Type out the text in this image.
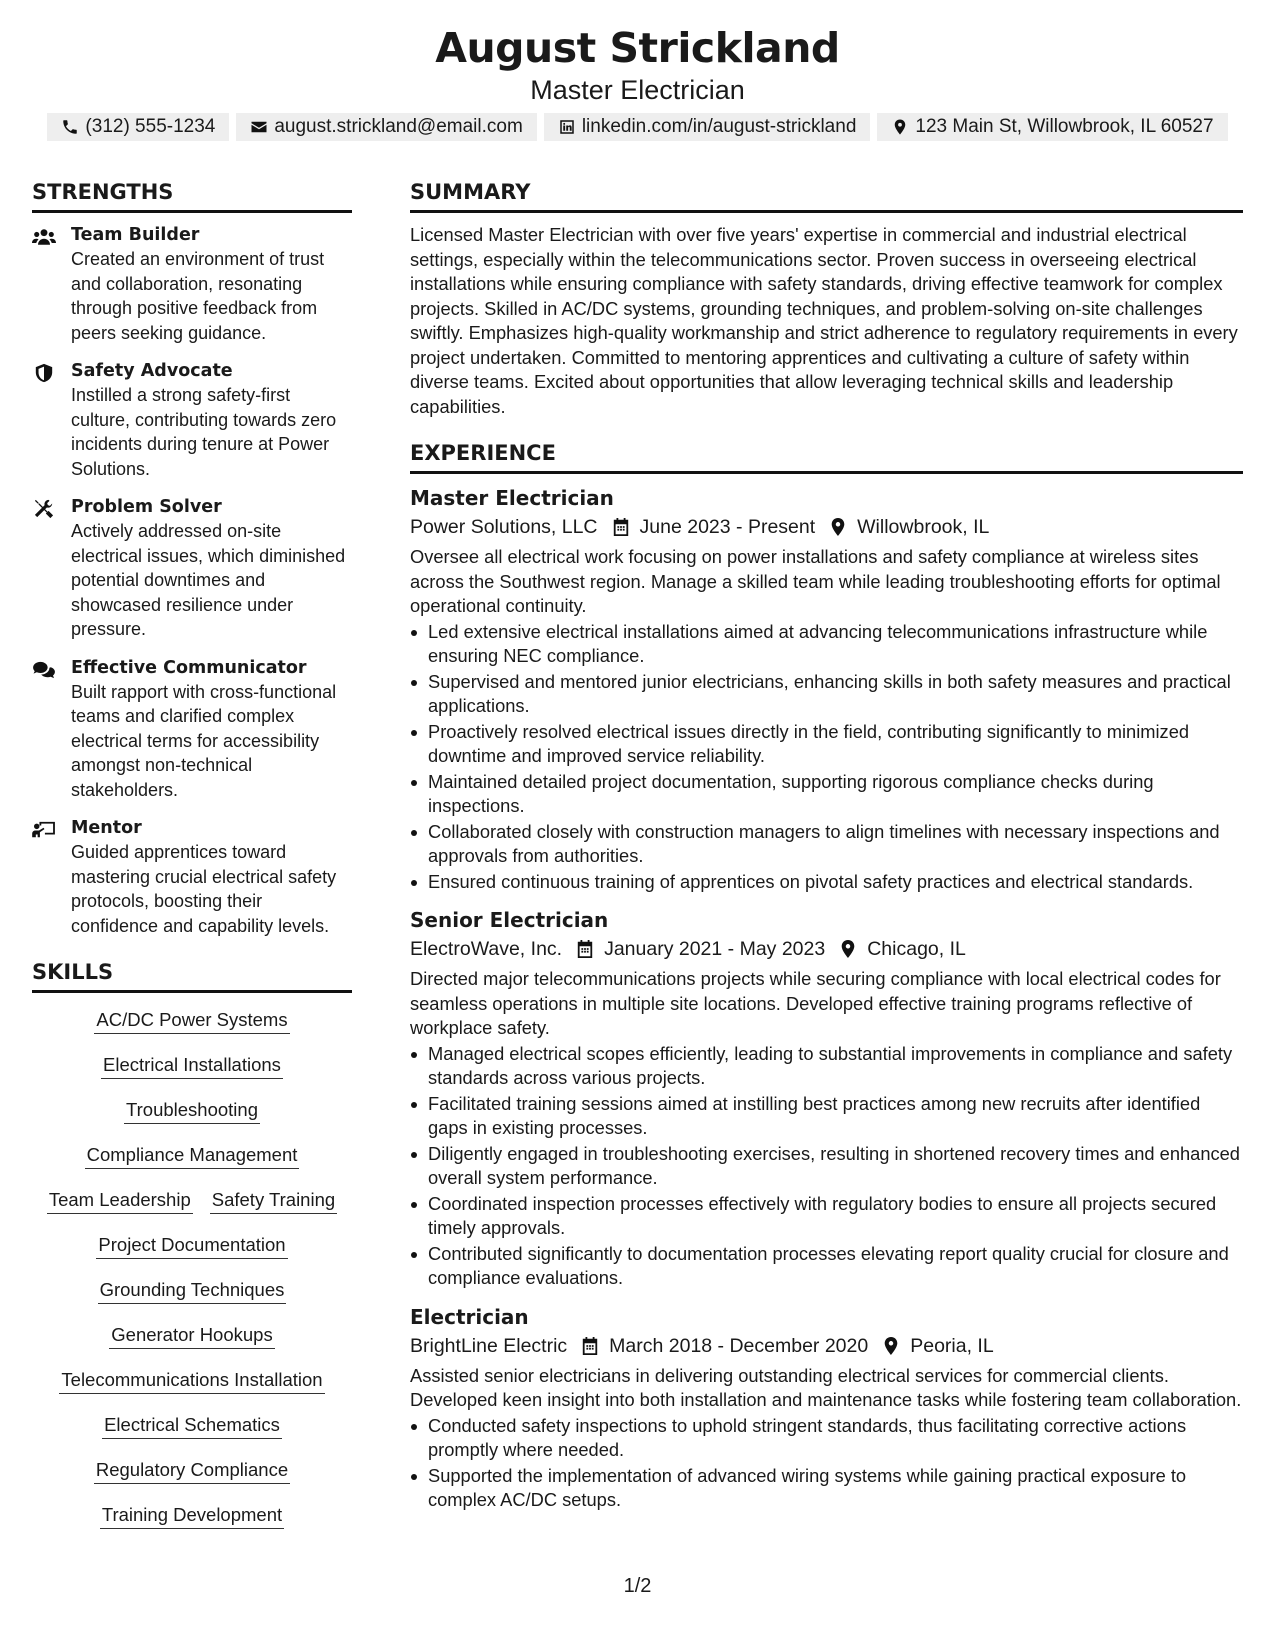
August Strickland
Master Electrician
(312) 555-1234	august.strickland@email.com	linkedin.com/in/august-strickland	123 Main St, Willowbrook, IL 60527
STRENGTHS
Team Builder
Created an environment of trust and collaboration, resonating through positive feedback from peers seeking guidance.
Safety Advocate
Instilled a strong safety-first culture, contributing towards zero incidents during tenure at Power Solutions.
Problem Solver
Actively addressed on-site electrical issues, which diminished potential downtimes and showcased resilience under pressure.
Effective Communicator
Built rapport with cross-functional teams and clarified complex electrical terms for accessibility amongst non-technical stakeholders.
Mentor
Guided apprentices toward mastering crucial electrical safety protocols, boosting their confidence and capability levels.
SKILLS
AC/DC Power Systems
Electrical Installations
Troubleshooting
Compliance Management
Team Leadership Safety Training
Project Documentation
Grounding Techniques
Generator Hookups
Telecommunications Installation
Electrical Schematics
Regulatory Compliance
Training Development
SUMMARY

Licensed Master Electrician with over five years' expertise in commercial and industrial electrical settings, especially within the telecommunications sector. Proven success in overseeing electrical installations while ensuring compliance with safety standards, driving effective teamwork for complex projects. Skilled in AC/DC systems, grounding techniques, and problem-solving on-site challenges swiftly. Emphasizes high-quality workmanship and strict adherence to regulatory requirements in every project undertaken. Committed to mentoring apprentices and cultivating a culture of safety within diverse teams. Excited about opportunities that allow leveraging technical skills and leadership capabilities.

EXPERIENCE
Master Electrician
Power Solutions, LLC June 2023 - Present Willowbrook, IL
Oversee all electrical work focusing on power installations and safety compliance at wireless sites across the Southwest region. Manage a skilled team while leading troubleshooting efforts for optimal operational continuity.
Led extensive electrical installations aimed at advancing telecommunications infrastructure while ensuring NEC compliance.
Supervised and mentored junior electricians, enhancing skills in both safety measures and practical applications.
Proactively resolved electrical issues directly in the field, contributing significantly to minimized downtime and improved service reliability.
Maintained detailed project documentation, supporting rigorous compliance checks during inspections.
Collaborated closely with construction managers to align timelines with necessary inspections and approvals from authorities.
Ensured continuous training of apprentices on pivotal safety practices and electrical standards.
Senior Electrician
ElectroWave, Inc. January 2021 - May 2023 Chicago, IL
Directed major telecommunications projects while securing compliance with local electrical codes for seamless operations in multiple site locations. Developed effective training programs reflective of workplace safety.
Managed electrical scopes efficiently, leading to substantial improvements in compliance and safety standards across various projects.
Facilitated training sessions aimed at instilling best practices among new recruits after identified gaps in existing processes.
Diligently engaged in troubleshooting exercises, resulting in shortened recovery times and enhanced overall system performance.
Coordinated inspection processes effectively with regulatory bodies to ensure all projects secured timely approvals.
Contributed significantly to documentation processes elevating report quality crucial for closure and compliance evaluations.
Electrician
BrightLine Electric March 2018 - December 2020 Peoria, IL
Assisted senior electricians in delivering outstanding electrical services for commercial clients. Developed keen insight into both installation and maintenance tasks while fostering team collaboration.
Conducted safety inspections to uphold stringent standards, thus facilitating corrective actions promptly where needed.
Supported the implementation of advanced wiring systems while gaining practical exposure to complex AC/DC setups.
1/2
